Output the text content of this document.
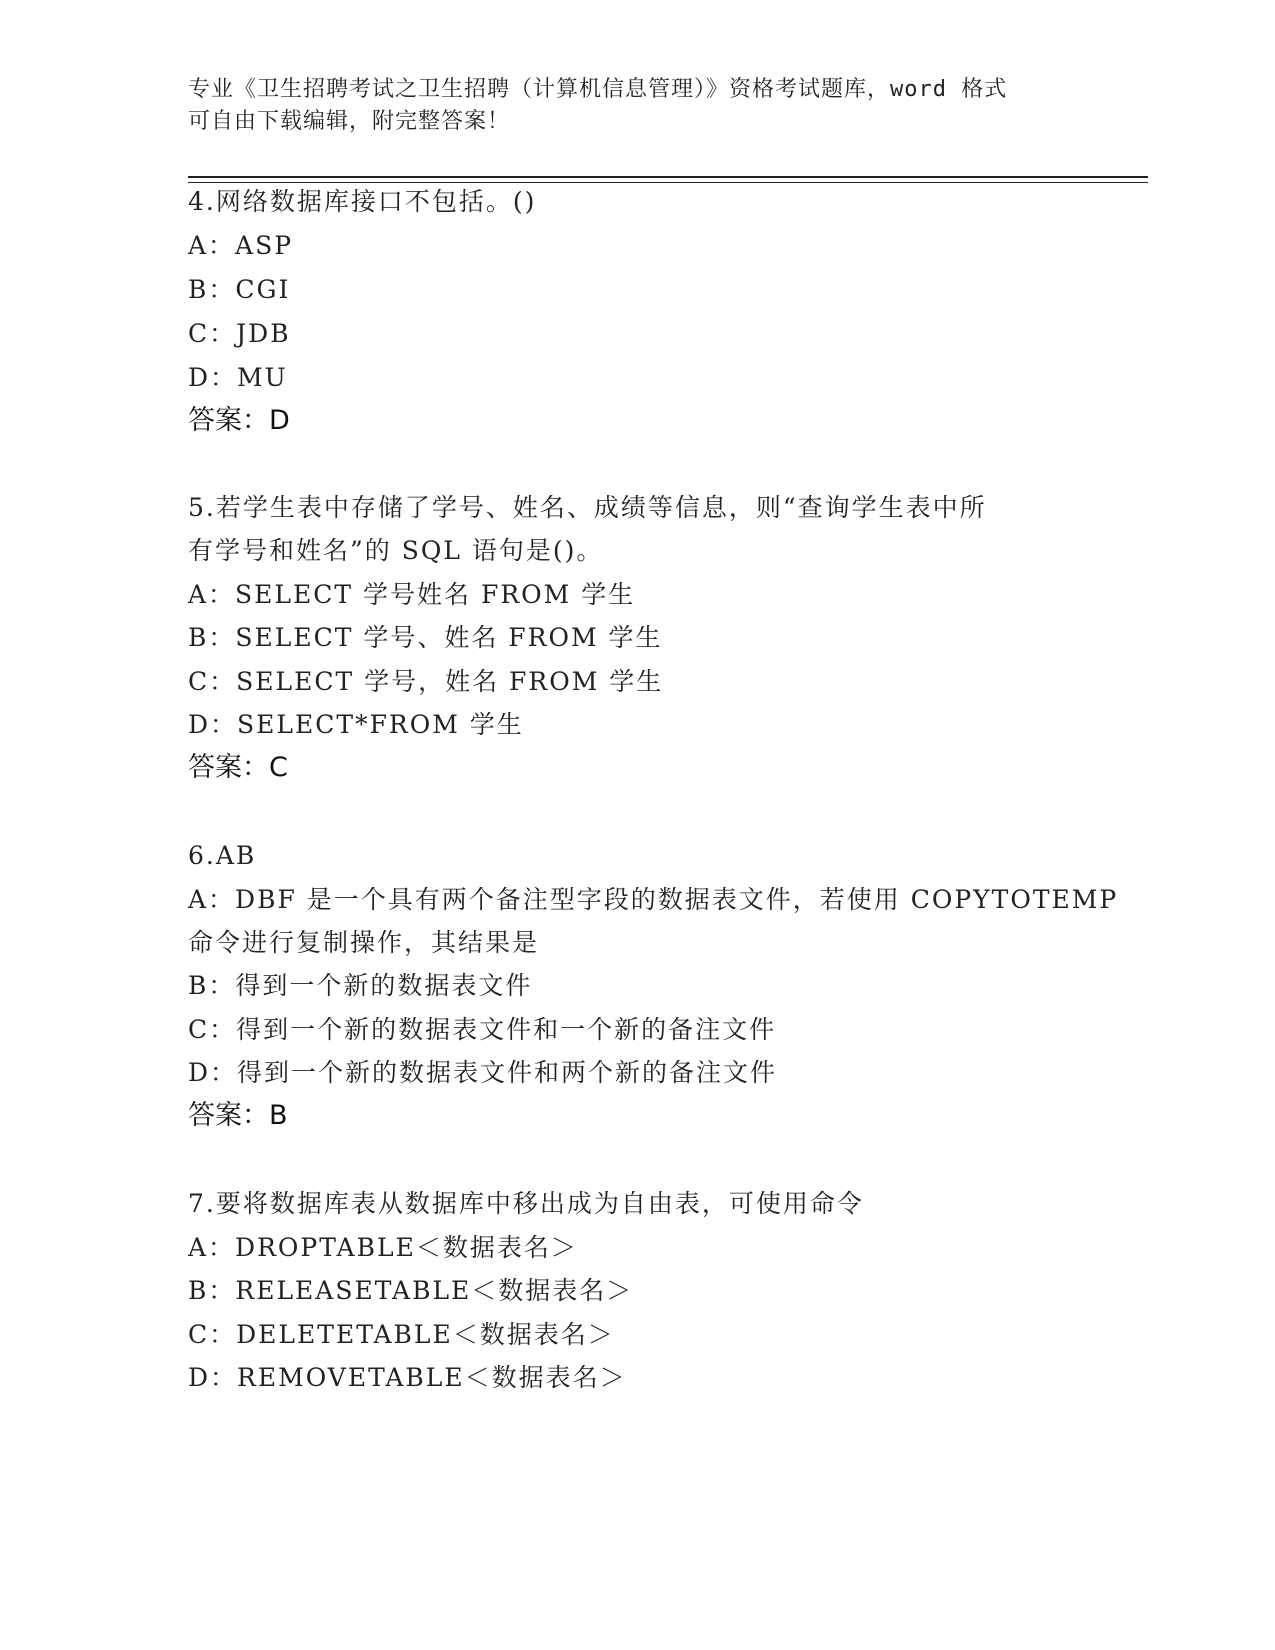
专业《卫生招聘考试之卫生招聘（计算机信息管理）》资格考试题库，word 格式
可自由下载编辑，附完整答案！
4.网络数据库接口不包括。()
A：ASP
B：CGI
C：JDB
D：MU
答案：D
5.若学生表中存储了学号、姓名、成绩等信息，则“查询学生表中所
有学号和姓名”的 SQL 语句是()。
A：SELECT 学号姓名 FROM 学生
B：SELECT 学号、姓名 FROM 学生
C：SELECT 学号，姓名 FROM 学生
D：SELECT*FROM 学生
答案：C
6.AB
A：DBF 是一个具有两个备注型字段的数据表文件，若使用 COPYTOTEMP
命令进行复制操作，其结果是
B：得到一个新的数据表文件
C：得到一个新的数据表文件和一个新的备注文件
D：得到一个新的数据表文件和两个新的备注文件
答案：B
7.要将数据库表从数据库中移出成为自由表，可使用命令
A：DROPTABLE＜数据表名＞
B：RELEASETABLE＜数据表名＞
C：DELETETABLE＜数据表名＞
D：REMOVETABLE＜数据表名＞
